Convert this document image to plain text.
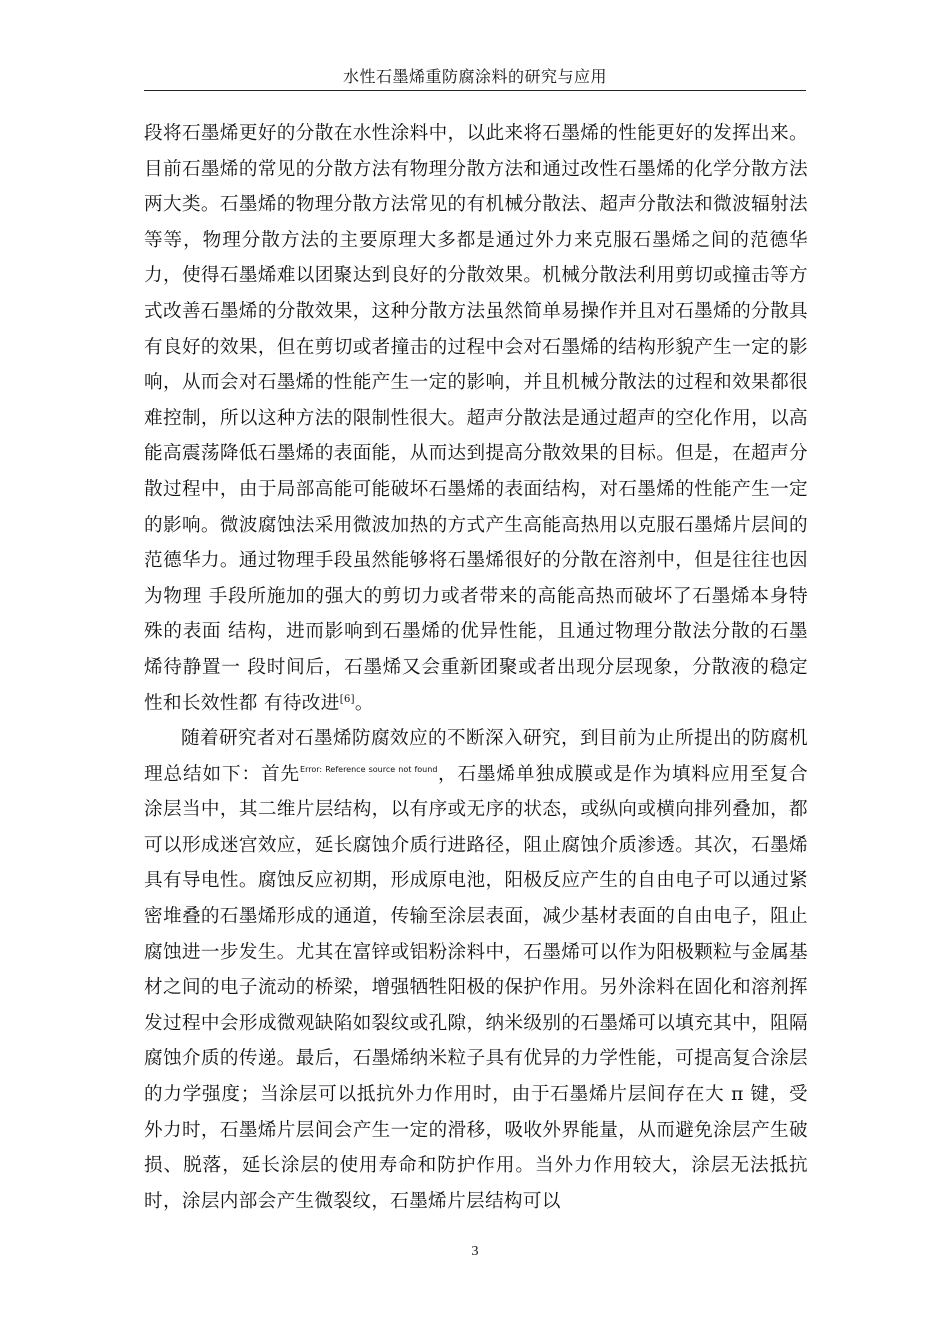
水性石墨烯重防腐涂料的研究与应用

段将石墨烯更好的分散在水性涂料中，以此来将石墨烯的性能更好的发挥出来。目前石墨烯的常见的分散方法有物理分散方法和通过改性石墨烯的化学分散方法两大类。石墨烯的物理分散方法常见的有机械分散法、超声分散法和微波辐射法等等，物理分散方法的主要原理大多都是通过外力来克服石墨烯之间的范德华力，使得石墨烯难以团聚达到良好的分散效果。机械分散法利用剪切或撞击等方式改善石墨烯的分散效果，这种分散方法虽然简单易操作并且对石墨烯的分散具有良好的效果，但在剪切或者撞击的过程中会对石墨烯的结构形貌产生一定的影响，从而会对石墨烯的性能产生一定的影响，并且机械分散法的过程和效果都很难控制，所以这种方法的限制性很大。超声分散法是通过超声的空化作用，以高能高震荡降低石墨烯的表面能，从而达到提高分散效果的目标。但是，在超声分散过程中，由于局部高能可能破坏石墨烯的表面结构，对石墨烯的性能产生一定的影响。微波腐蚀法采用微波加热的方式产生高能高热用以克服石墨烯片层间的范德华力。通过物理手段虽然能够将石墨烯很好的分散在溶剂中，但是往往也因为物理 手段所施加的强大的剪切力或者带来的高能高热而破坏了石墨烯本身特殊的表面 结构，进而影响到石墨烯的优异性能，且通过物理分散法分散的石墨烯待静置一 段时间后，石墨烯又会重新团聚或者出现分层现象，分散液的稳定性和长效性都 有待改进[6]。

随着研究者对石墨烯防腐效应的不断深入研究，到目前为止所提出的防腐机理总结如下：首先$^{Error: Reference source not found}$，石墨烯单独成膜或是作为填料应用至复合涂层当中，其二维片层结构，以有序或无序的状态，或纵向或横向排列叠加，都可以形成迷宫效应，延长腐蚀介质行进路径，阻止腐蚀介质渗透。其次，石墨烯具有导电性。腐蚀反应初期，形成原电池，阳极反应产生的自由电子可以通过紧密堆叠的石墨烯形成的通道，传输至涂层表面，减少基材表面的自由电子，阻止腐蚀进一步发生。尤其在富锌或铝粉涂料中，石墨烯可以作为阳极颗粒与金属基材之间的电子流动的桥梁，增强牺牲阳极的保护作用。另外涂料在固化和溶剂挥发过程中会形成微观缺陷如裂纹或孔隙，纳米级别的石墨烯可以填充其中，阻隔腐蚀介质的传递。最后，石墨烯纳米粒子具有优异的力学性能，可提高复合涂层的力学强度；当涂层可以抵抗外力作用时，由于石墨烯片层间存在大 π 键，受外力时，石墨烯片层间会产生一定的滑移，吸收外界能量，从而避免涂层产生破损、脱落，延长涂层的使用寿命和防护作用。当外力作用较大，涂层无法抵抗时，涂层内部会产生微裂纹，石墨烯片层结构可以

3
